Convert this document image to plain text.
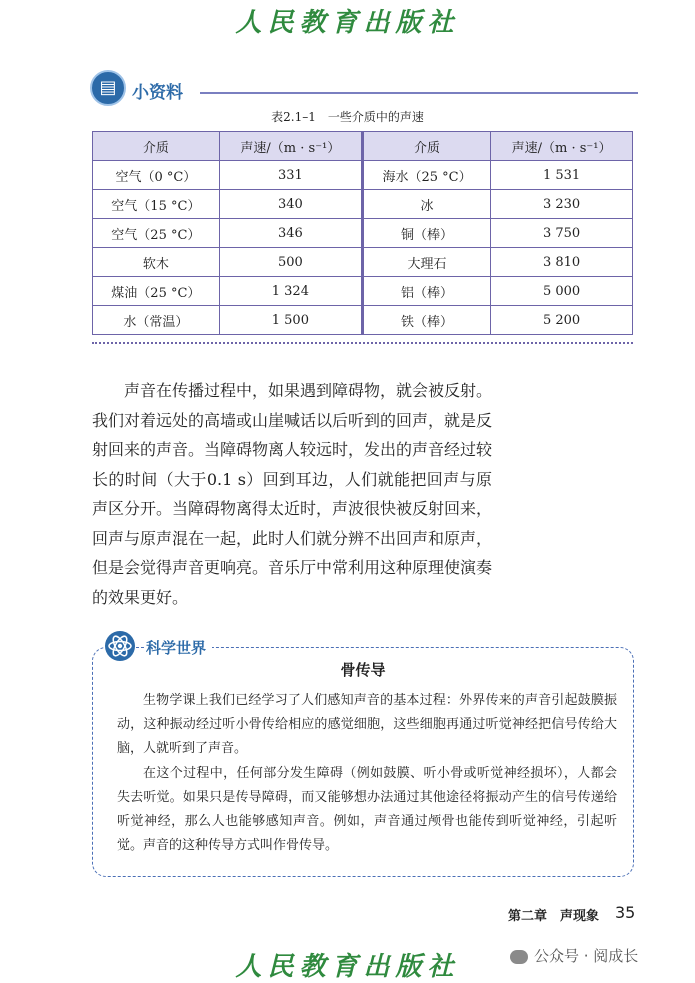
人民教育出版社
▤ 小资料
表2.1–1　一些介质中的声速
介质	声速/（m · s⁻¹）	介质	声速/（m · s⁻¹）
空气（0 °C）	331	海水（25 °C）	1 531
空气（15 °C）	340	冰	3 230
空气（25 °C）	346	铜（棒）	3 750
软木	500	大理石	3 810
煤油（25 °C）	1 324	铝（棒）	5 000
水（常温）	1 500	铁（棒）	5 200

声音在传播过程中，如果遇到障碍物，就会被反射。我们对着远处的高墙或山崖喊话以后听到的回声，就是反射回来的声音。当障碍物离人较远时，发出的声音经过较长的时间（大于0.1 s）回到耳边，人们就能把回声与原声区分开。当障碍物离得太近时，声波很快被反射回来，回声与原声混在一起，此时人们就分辨不出回声和原声，但是会觉得声音更响亮。音乐厅中常利用这种原理使演奏的效果更好。

科学世界
骨传导

生物学课上我们已经学习了人们感知声音的基本过程：外界传来的声音引起鼓膜振动，这种振动经过听小骨传给相应的感觉细胞，这些细胞再通过听觉神经把信号传给大脑，人就听到了声音。

在这个过程中，任何部分发生障碍（例如鼓膜、听小骨或听觉神经损坏），人都会失去听觉。如果只是传导障碍，而又能够想办法通过其他途径将振动产生的信号传递给听觉神经，那么人也能够感知声音。例如，声音通过颅骨也能传到听觉神经，引起听觉。声音的这种传导方式叫作骨传导。

第二章　声现象 35
人民教育出版社	公众号 · 阅成长
